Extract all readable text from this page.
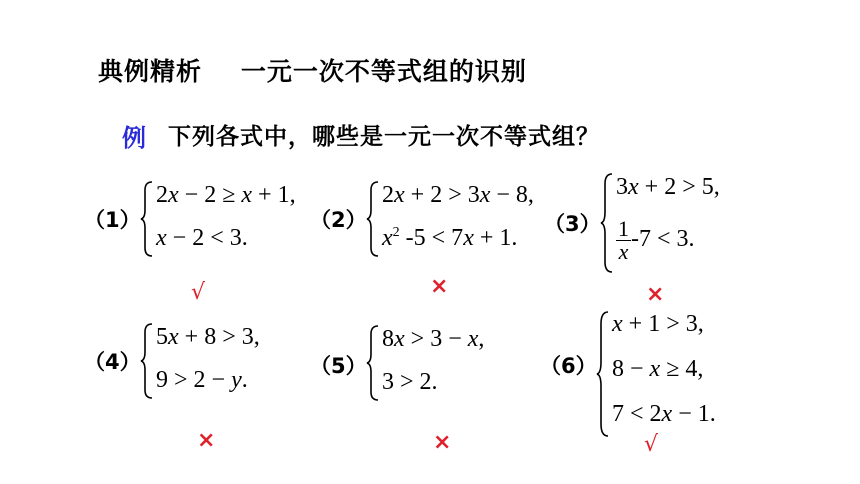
典例精析 一元一次不等式组的识别
例 下列各式中，哪些是一元一次不等式组？
（1）
2x − 2 ≥ x + 1,
x − 2 < 3.
√
（2）
2x + 2 > 3x − 8,
$x^2$ -5 < 7x + 1.
×
（3）
3x + 2 > 5,
$\frac{1}{x} -7 < 3$.
×
（4）
5x + 8 > 3,
9 > 2 − y.
×
（5）
8x > 3 − x,
3 > 2.
×
（6）
x + 1 > 3,
8 − x ≥ 4,
7 < 2x − 1.
√
